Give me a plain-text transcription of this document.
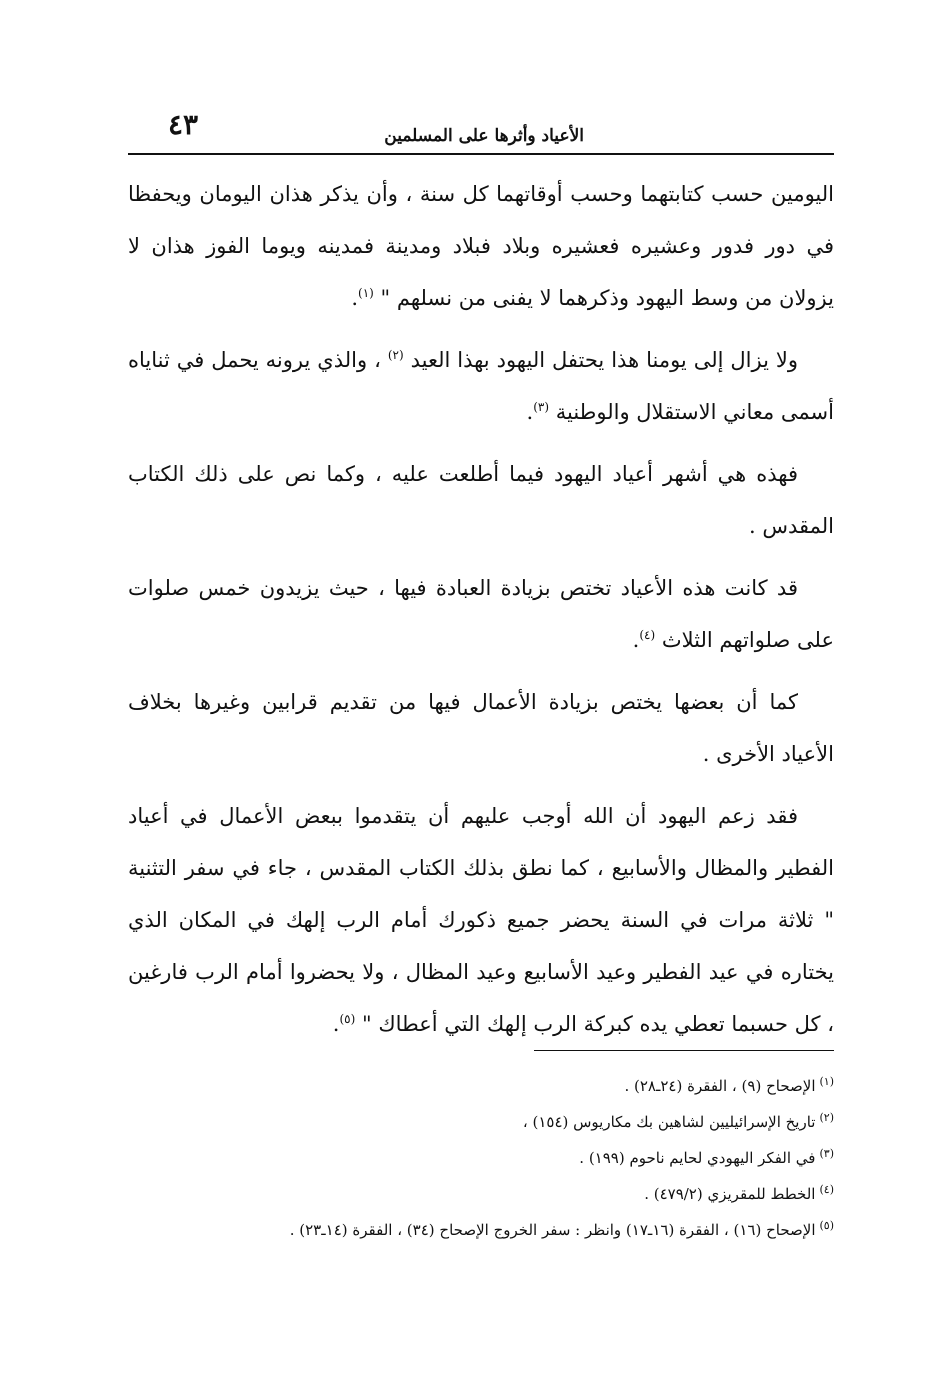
٤٣	الأعياد وأثرها على المسلمين

اليومين حسب كتابتهما وحسب أوقاتهما كل سنة ، وأن يذكر هذان اليومان ويحفظا في دور فدور وعشيره فعشيره وبلاد فبلاد ومدينة فمدينه ويوما الفوز هذان لا يزولان من وسط اليهود وذكرهما لا يفنى من نسلهم " $^{(١)}$.

ولا يزال إلى يومنا هذا يحتفل اليهود بهذا العيد $^{(٢)}$ ، والذي يرونه يحمل في ثناياه أسمى معاني الاستقلال والوطنية $^{(٣)}$.

فهذه هي أشهر أعياد اليهود فيما أطلعت عليه ، وكما نص على ذلك الكتاب المقدس .

قد كانت هذه الأعياد تختص بزيادة العبادة فيها ، حيث يزيدون خمس صلوات على صلواتهم الثلاث $^{(٤)}$.

كما أن بعضها يختص بزيادة الأعمال فيها من تقديم قرابين وغيرها بخلاف الأعياد الأخرى .

فقد زعم اليهود أن الله أوجب عليهم أن يتقدموا ببعض الأعمال في أعياد الفطير والمظال والأسابيع ، كما نطق بذلك الكتاب المقدس ، جاء في سفر التثنية " ثلاثة مرات في السنة يحضر جميع ذكورك أمام الرب إلهك في المكان الذي يختاره في عيد الفطير وعيد الأسابيع وعيد المظال ، ولا يحضروا أمام الرب فارغين ، كل حسبما تعطي يده كبركة الرب إلهك التي أعطاك " $^{(٥)}$.

$^{(١)}$الإصحاح (٩) ، الفقرة (٢٤ـ٢٨) .

$^{(٢)}$تاريخ الإسرائيليين لشاهين بك مكاريوس (١٥٤) ،

$^{(٣)}$في الفكر اليهودي لحايم ناحوم (١٩٩) .

$^{(٤)}$الخطط للمقريزي (٤٧٩/٢) .

$^{(٥)}$الإصحاح (١٦) ، الفقرة (١٦ـ١٧) وانظر : سفر الخروج الإصحاح (٣٤) ، الفقرة (١٤ـ٢٣) .
